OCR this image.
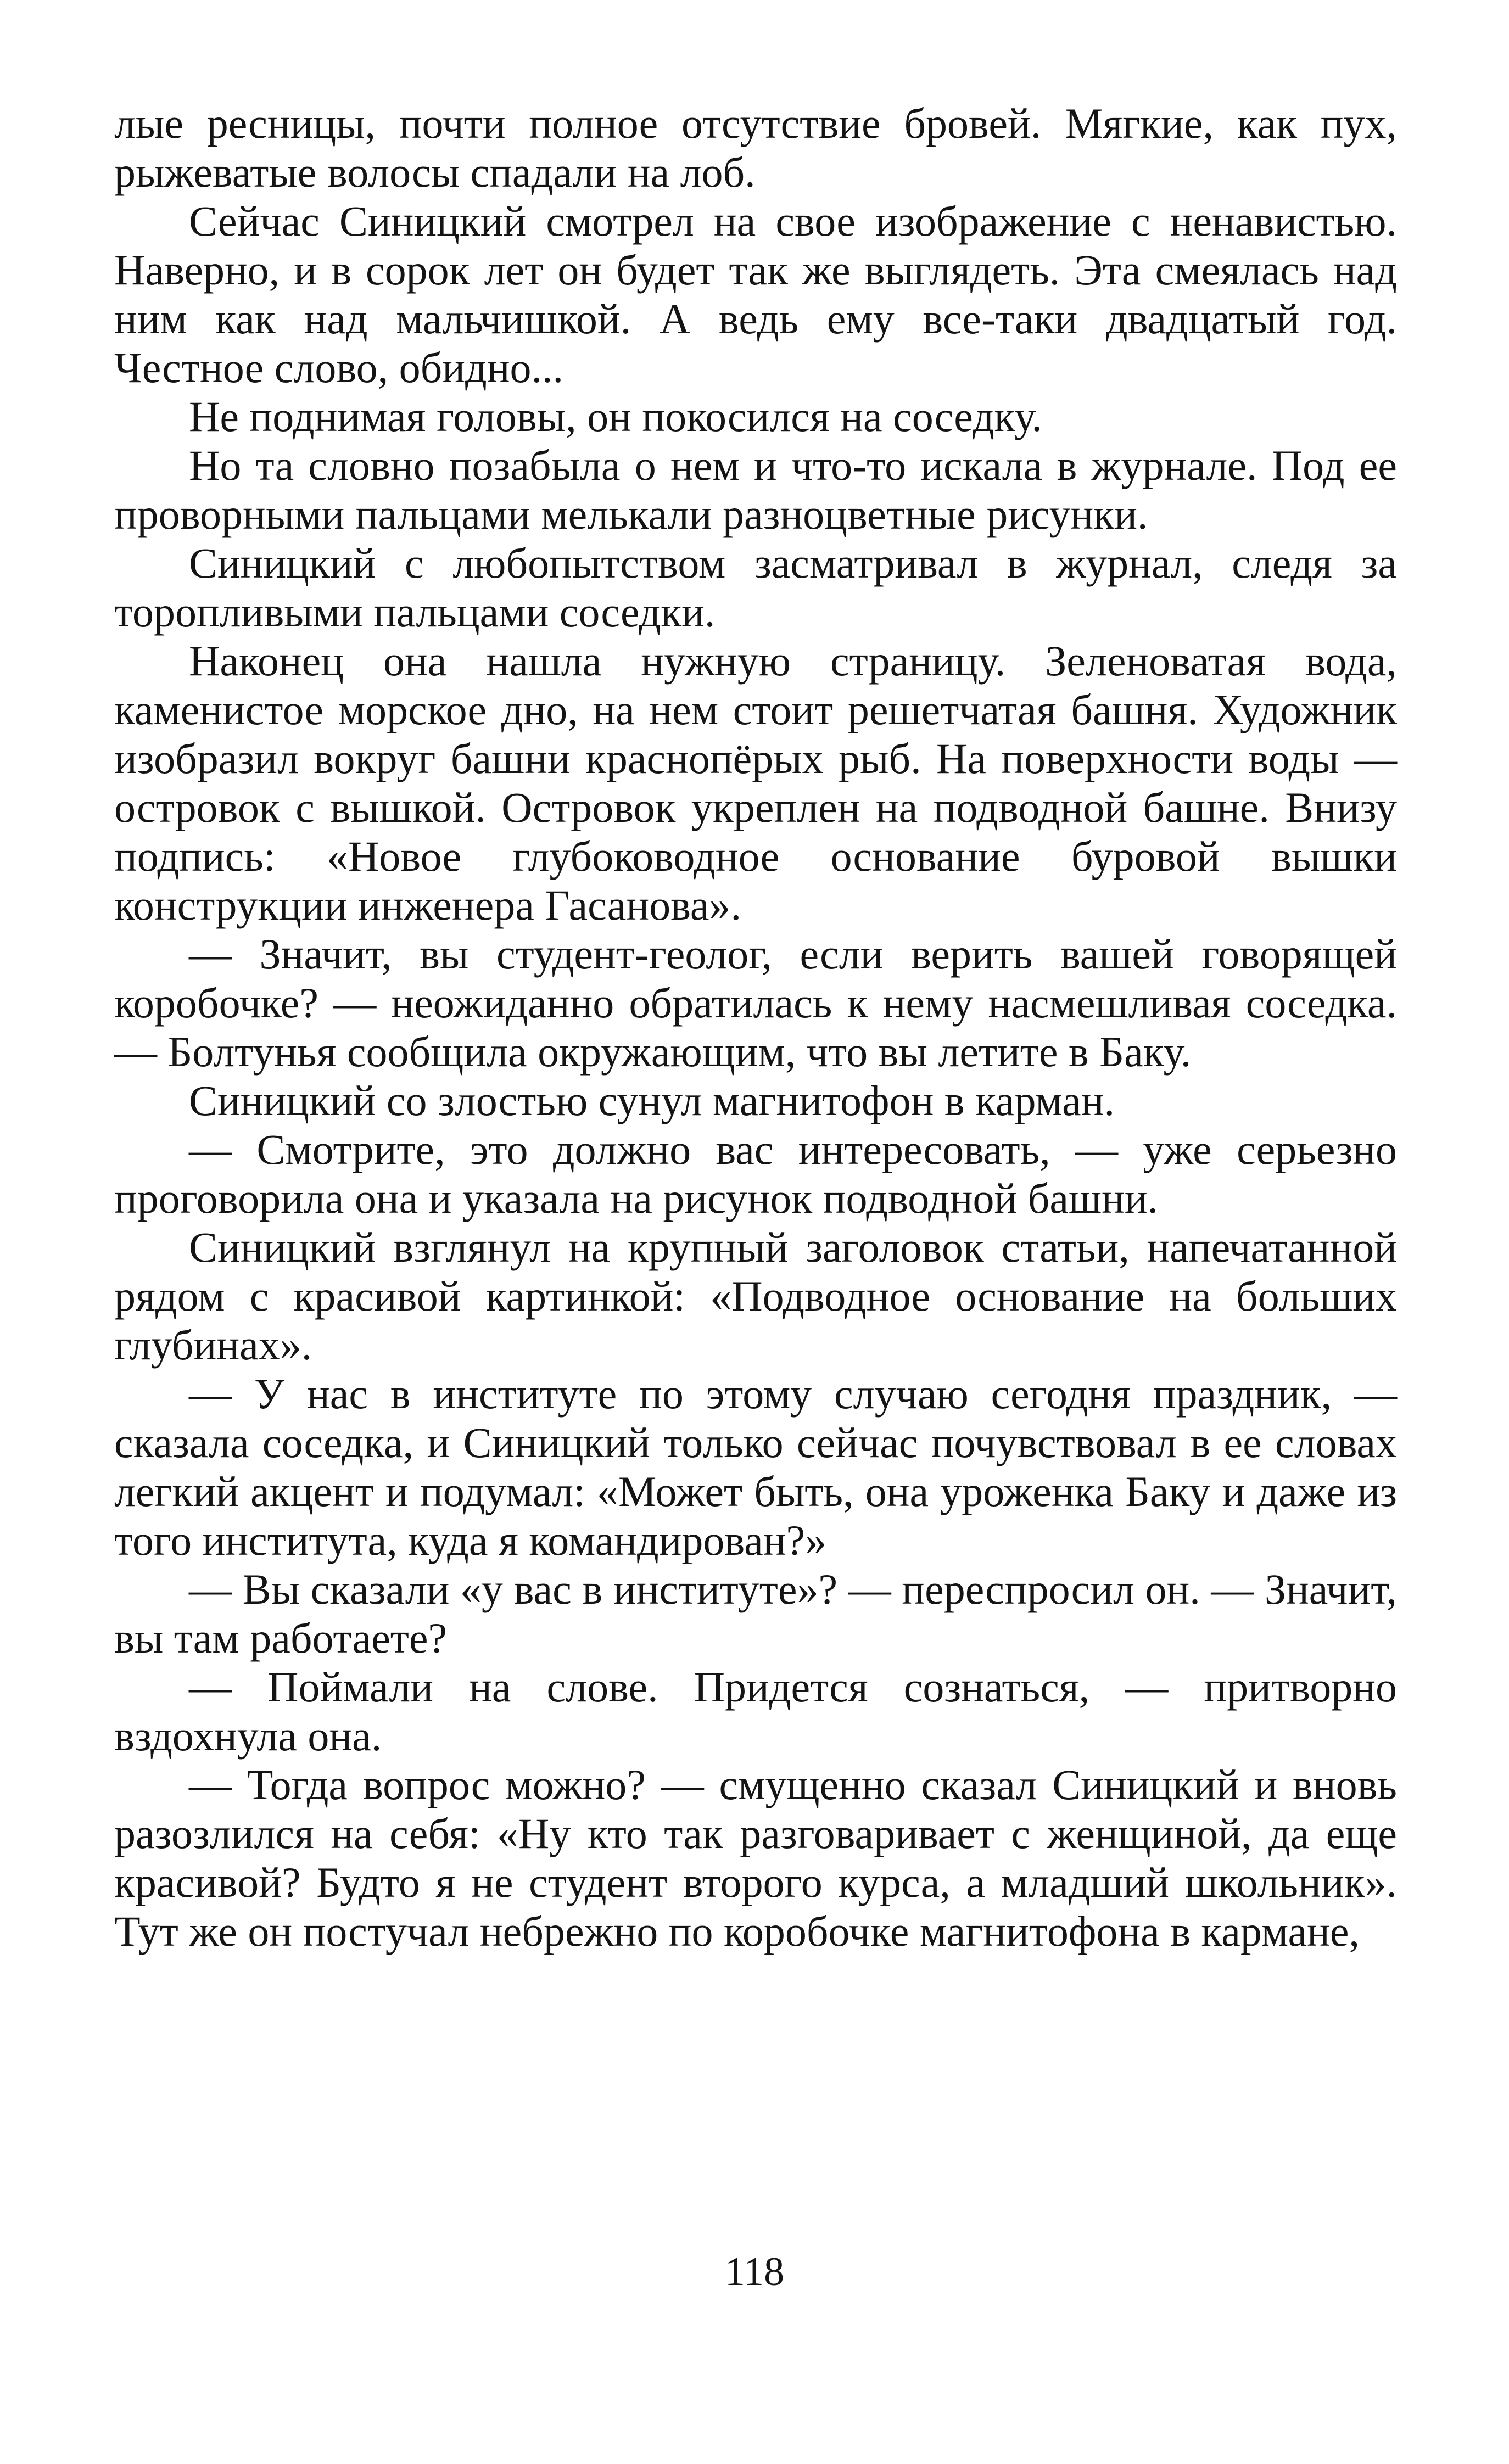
лые ресницы, почти полное отсутствие бровей. Мягкие, как пух, рыжеватые волосы спадали на лоб.

Сейчас Синицкий смотрел на свое изображение с ненавистью. Наверно, и в сорок лет он будет так же выглядеть. Эта смеялась над ним как над мальчишкой. А ведь ему все-таки двадцатый год. Честное слово, обидно...

Не поднимая головы, он покосился на соседку.

Но та словно позабыла о нем и что-то искала в журнале. Под ее проворными пальцами мелькали разноцветные рисунки.

Синицкий с любопытством засматривал в журнал, следя за торопливыми пальцами соседки.

Наконец она нашла нужную страницу. Зеленоватая вода, каменистое морское дно, на нем стоит решетчатая башня. Художник изобразил вокруг башни краснопёрых рыб. На поверхности воды — островок с вышкой. Островок укреплен на подводной башне. Внизу подпись: «Новое глубоководное основание буровой вышки конструкции инженера Гасанова».

— Значит, вы студент-геолог, если верить вашей говорящей коробочке? — неожиданно обратилась к нему насмешливая соседка. — Болтунья сообщила окружающим, что вы летите в Баку.

Синицкий со злостью сунул магнитофон в карман.

— Смотрите, это должно вас интересовать, — уже серьезно проговорила она и указала на рисунок подводной башни.

Синицкий взглянул на крупный заголовок статьи, напечатанной рядом с красивой картинкой: «Подводное основание на больших глубинах».

— У нас в институте по этому случаю сегодня праздник, — сказала соседка, и Синицкий только сейчас почувствовал в ее словах легкий акцент и подумал: «Может быть, она уроженка Баку и даже из того института, куда я командирован?»

— Вы сказали «у вас в институте»? — переспросил он. — Значит, вы там работаете?

— Поймали на слове. Придется сознаться, — притворно вздохнула она.

— Тогда вопрос можно? — смущенно сказал Синицкий и вновь разозлился на себя: «Ну кто так разговаривает с женщиной, да еще красивой? Будто я не студент второго курса, а младший школьник». Тут же он постучал небрежно по коробочке магнитофона в кармане,

118
